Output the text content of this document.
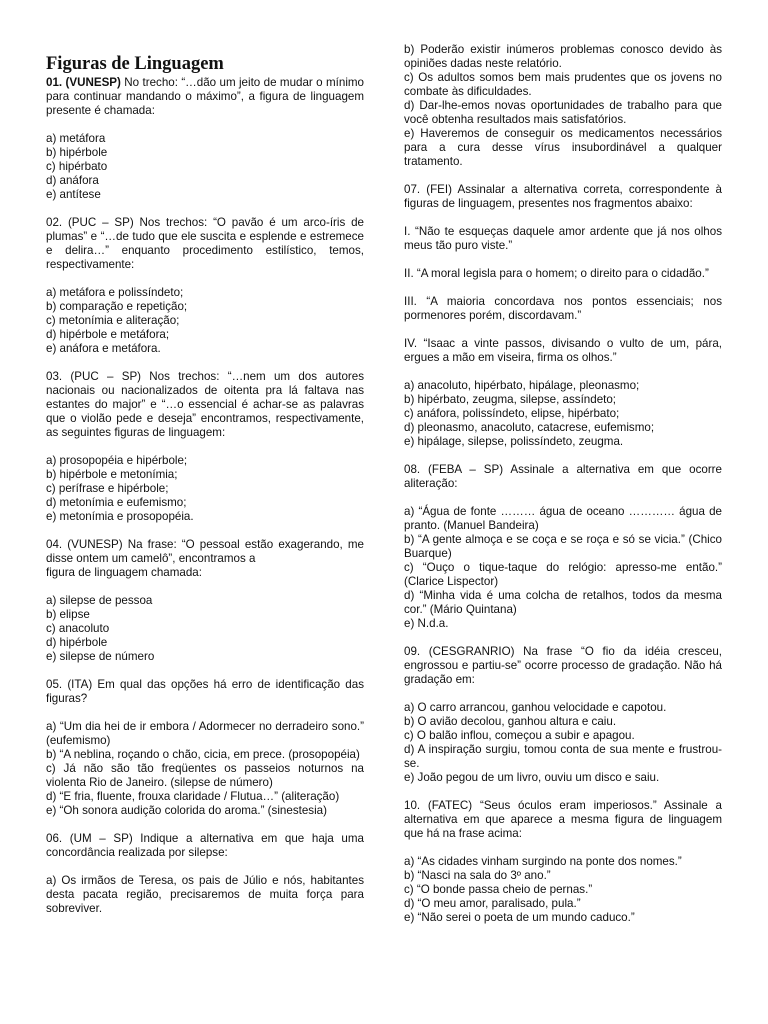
Figuras de Linguagem

01. (VUNESP) No trecho: “…dão um jeito de mudar o mínimo para continuar mandando o máximo”, a figura de linguagem presente é chamada:

a) metáfora
b) hipérbole
c) hipérbato
d) anáfora
e) antítese

02. (PUC – SP) Nos trechos: “O pavão é um arco-íris de plumas” e “…de tudo que ele suscita e esplende e estremece e delira…” enquanto procedimento estilístico, temos, respectivamente:

a) metáfora e polissíndeto;
b) comparação e repetição;
c) metonímia e aliteração;
d) hipérbole e metáfora;
e) anáfora e metáfora.

03. (PUC – SP) Nos trechos: “…nem um dos autores nacionais ou nacionalizados de oitenta pra lá faltava nas estantes do major” e “…o essencial é achar-se as palavras que o violão pede e deseja” encontramos, respectivamente, as seguintes figuras de linguagem:

a) prosopopéia e hipérbole;
b) hipérbole e metonímia;
c) perífrase e hipérbole;
d) metonímia e eufemismo;
e) metonímia e prosopopéia.

04. (VUNESP) Na frase: “O pessoal estão exagerando, me disse ontem um camelô”, encontramos a

figura de linguagem chamada:

a) silepse de pessoa
b) elipse
c) anacoluto
d) hipérbole
e) silepse de número

05. (ITA) Em qual das opções há erro de identificação das figuras?

a) “Um dia hei de ir embora / Adormecer no derradeiro sono.” (eufemismo)

b) “A neblina, roçando o chão, cicia, em prece. (prosopopéia)

c) Já não são tão freqüentes os passeios noturnos na violenta Rio de Janeiro. (silepse de número)

d) “E fria, fluente, frouxa claridade / Flutua…” (aliteração)

e) “Oh sonora audição colorida do aroma.” (sinestesia)

06. (UM – SP) Indique a alternativa em que haja uma concordância realizada por silepse:

a) Os irmãos de Teresa, os pais de Júlio e nós, habitantes desta pacata região, precisaremos de muita força para sobreviver.

b) Poderão existir inúmeros problemas conosco devido às opiniões dadas neste relatório.

c) Os adultos somos bem mais prudentes que os jovens no combate às dificuldades.

d) Dar-lhe-emos novas oportunidades de trabalho para que você obtenha resultados mais satisfatórios.

e) Haveremos de conseguir os medicamentos necessários para a cura desse vírus insubordinável a qualquer tratamento.

07. (FEI) Assinalar a alternativa correta, correspondente à figuras de linguagem, presentes nos fragmentos abaixo:

I. “Não te esqueças daquele amor ardente que já nos olhos meus tão puro viste.”

II. “A moral legisla para o homem; o direito para o cidadão.”

III. “A maioria concordava nos pontos essenciais; nos pormenores porém, discordavam.”

IV. “Isaac a vinte passos, divisando o vulto de um, pára, ergues a mão em viseira, firma os olhos.”

a) anacoluto, hipérbato, hipálage, pleonasmo;
b) hipérbato, zeugma, silepse, assíndeto;
c) anáfora, polissíndeto, elipse, hipérbato;
d) pleonasmo, anacoluto, catacrese, eufemismo;
e) hipálage, silepse, polissíndeto, zeugma.

08. (FEBA – SP) Assinale a alternativa em que ocorre aliteração:

a) “Água de fonte ……… água de oceano ………… água de pranto. (Manuel Bandeira)

b) “A gente almoça e se coça e se roça e só se vicia.” (Chico Buarque)

c) “Ouço o tique-taque do relógio: apresso-me então.” (Clarice Lispector)

d) “Minha vida é uma colcha de retalhos, todos da mesma cor.” (Mário Quintana)

e) N.d.a.

09. (CESGRANRIO) Na frase “O fio da idéia cresceu, engrossou e partiu-se” ocorre processo de gradação. Não há gradação em:

a) O carro arrancou, ganhou velocidade e capotou.

b) O avião decolou, ganhou altura e caiu.

c) O balão inflou, começou a subir e apagou.

d) A inspiração surgiu, tomou conta de sua mente e frustrou-se.

e) João pegou de um livro, ouviu um disco e saiu.

10. (FATEC) “Seus óculos eram imperiosos.” Assinale a alternativa em que aparece a mesma figura de linguagem que há na frase acima:

a) “As cidades vinham surgindo na ponte dos nomes.”
b) “Nasci na sala do 3º ano.”
c) “O bonde passa cheio de pernas.”
d) “O meu amor, paralisado, pula.”
e) “Não serei o poeta de um mundo caduco.”
